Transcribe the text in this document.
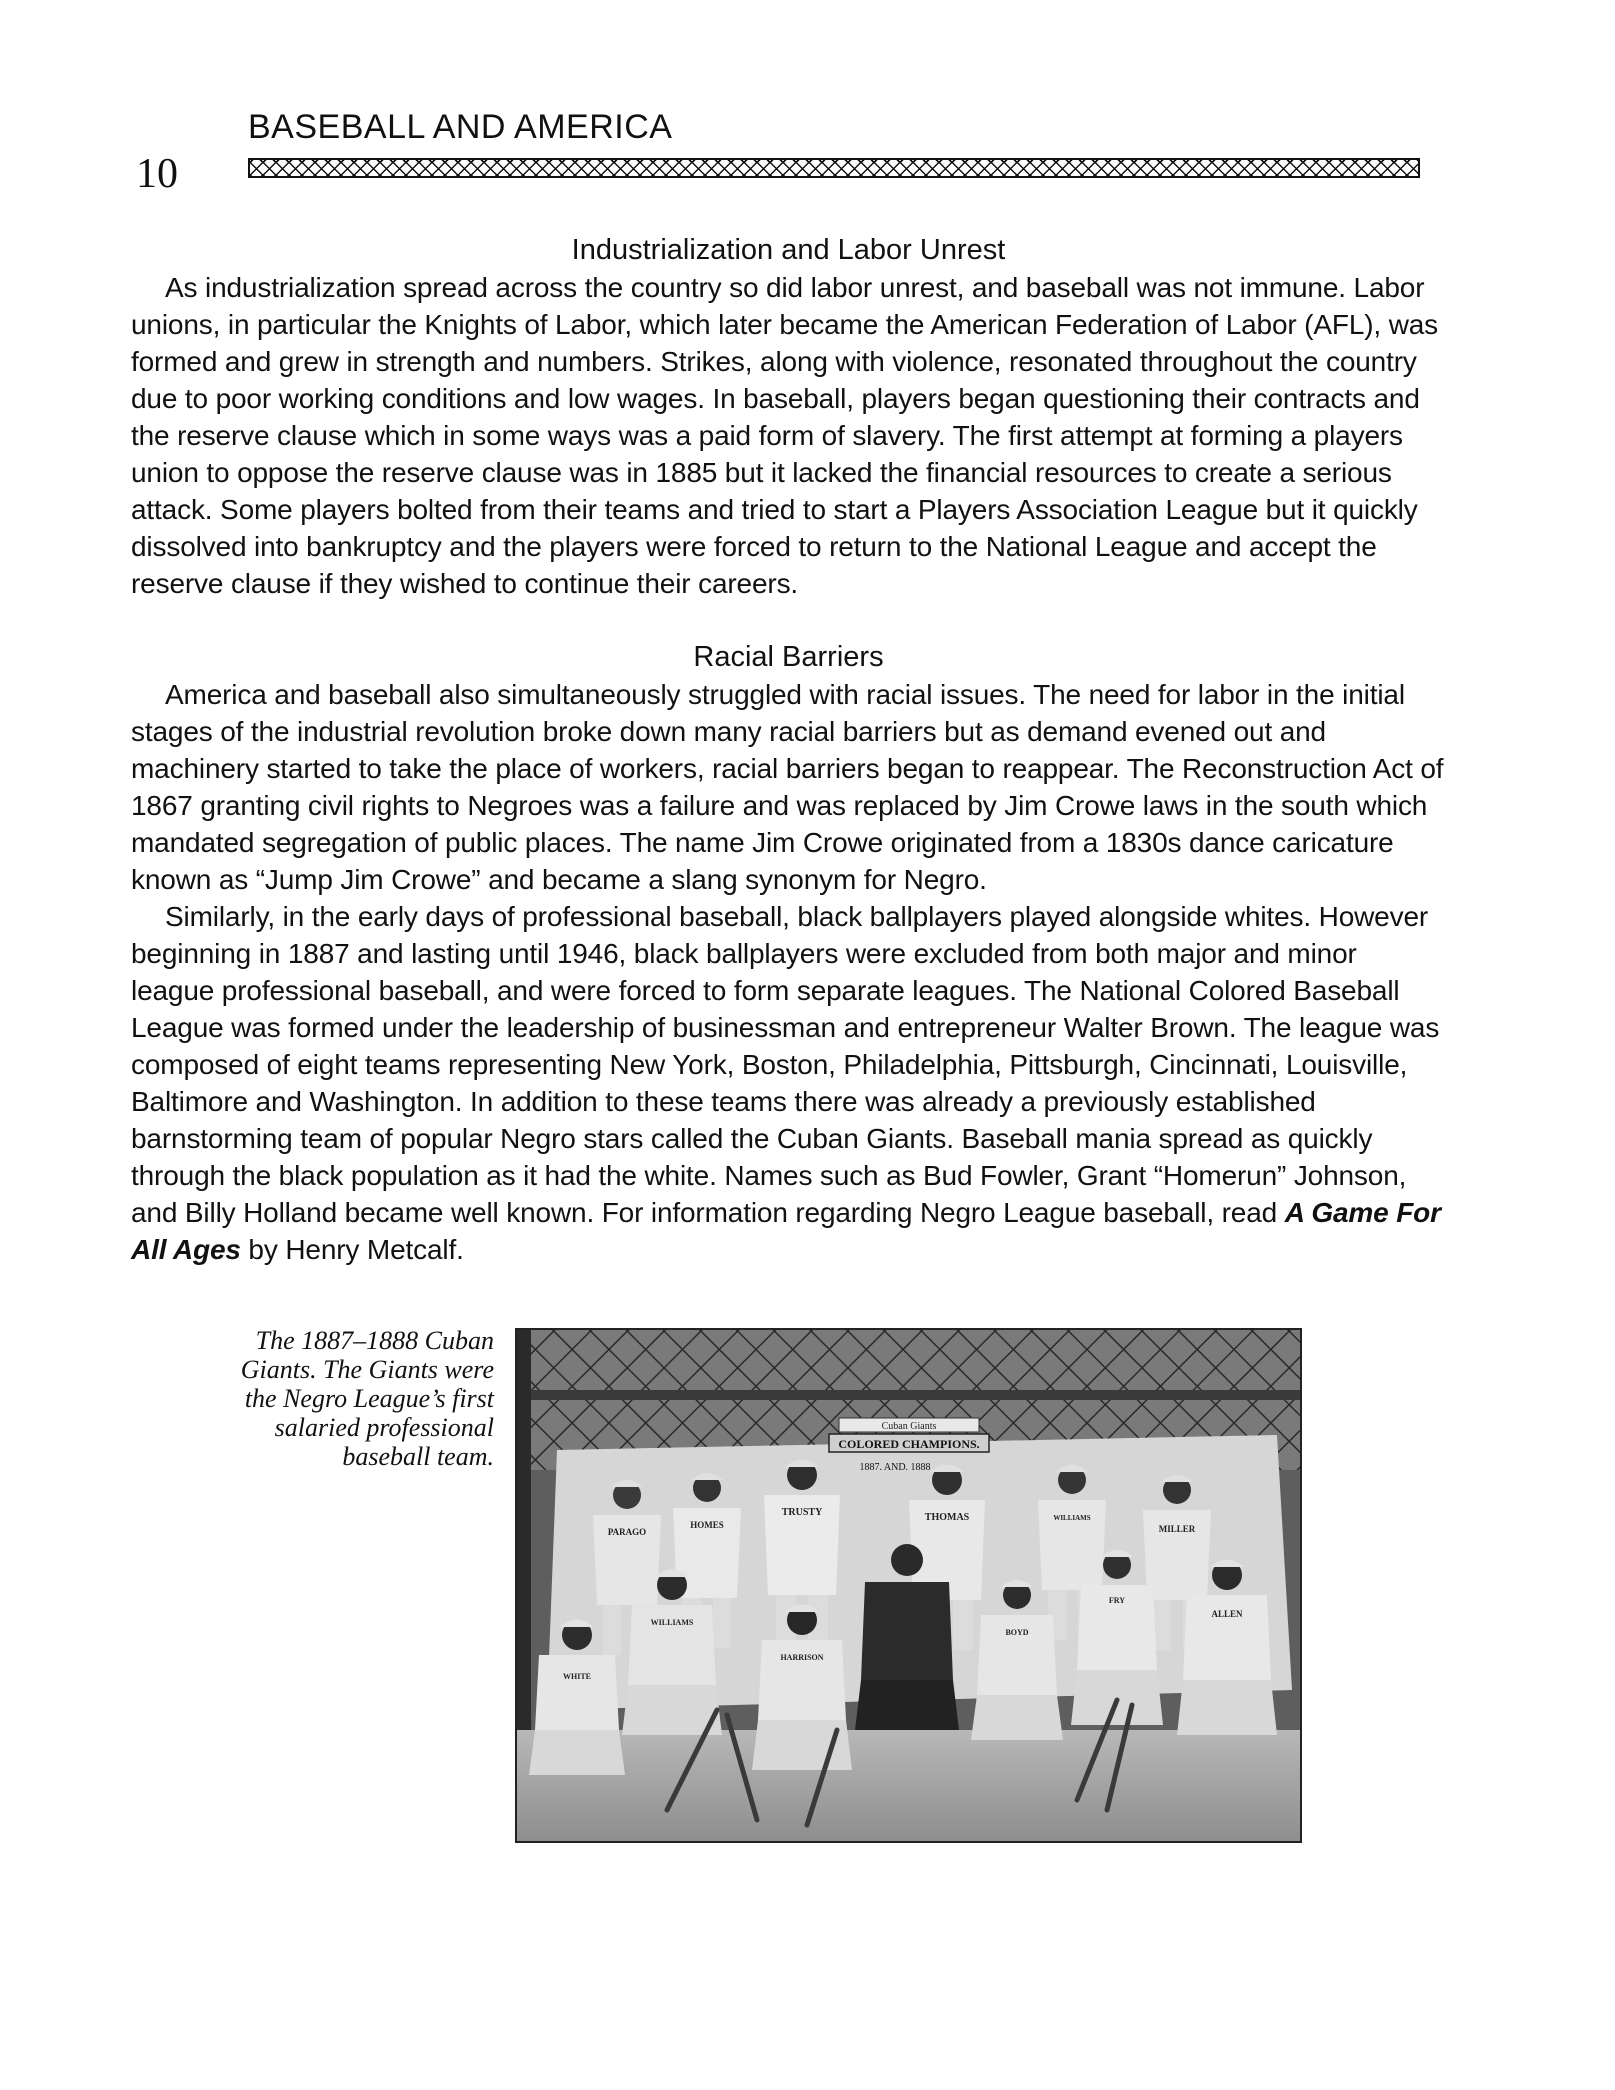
BASEBALL AND AMERICA
10
Industrialization and Labor Unrest

As industrialization spread across the country so did labor unrest, and baseball was not immune. Labor unions, in particular the Knights of Labor, which later became the American Federation of Labor (AFL), was formed and grew in strength and numbers. Strikes, along with violence, resonated throughout the country due to poor working conditions and low wages. In baseball, players began questioning their contracts and the reserve clause which in some ways was a paid form of slavery. The first attempt at forming a players union to oppose the reserve clause was in 1885 but it lacked the financial resources to create a serious attack. Some players bolted from their teams and tried to start a Players Association League but it quickly dissolved into bankruptcy and the players were forced to return to the National League and accept the reserve clause if they wished to continue their careers.

Racial Barriers

America and baseball also simultaneously struggled with racial issues. The need for labor in the initial stages of the industrial revolution broke down many racial barriers but as demand evened out and machinery started to take the place of workers, racial barriers began to reappear. The Reconstruction Act of 1867 granting civil rights to Negroes was a failure and was replaced by Jim Crowe laws in the south which mandated segregation of public places. The name Jim Crowe originated from a 1830s dance caricature known as “Jump Jim Crowe” and became a slang synonym for Negro.

Similarly, in the early days of professional baseball, black ballplayers played alongside whites. However beginning in 1887 and lasting until 1946, black ballplayers were excluded from both major and minor league professional baseball, and were forced to form separate leagues. The National Colored Baseball League was formed under the leadership of businessman and entrepreneur Walter Brown. The league was composed of eight teams representing New York, Boston, Philadelphia, Pittsburgh, Cincinnati, Louisville, Baltimore and Washington. In addition to these teams there was already a previously established barnstorming team of popular Negro stars called the Cuban Giants. Baseball mania spread as quickly through the black population as it had the white. Names such as Bud Fowler, Grant “Homerun” Johnson, and Billy Holland became well known. For information regarding Negro League baseball, read A Game For All Ages by Henry Metcalf.

The 1887–1888 Cuban Giants. The Giants were the Negro League’s first salaried professional baseball team.
Cuban Giants
COLORED CHAMPIONS.
1887. AND. 1888
PARAGO
HOMES
TRUSTY	THOMAS	WILLIAMS
MILLER
WILLIAMS
HARRISON
BOYD
FRY
ALLEN
WHITE
